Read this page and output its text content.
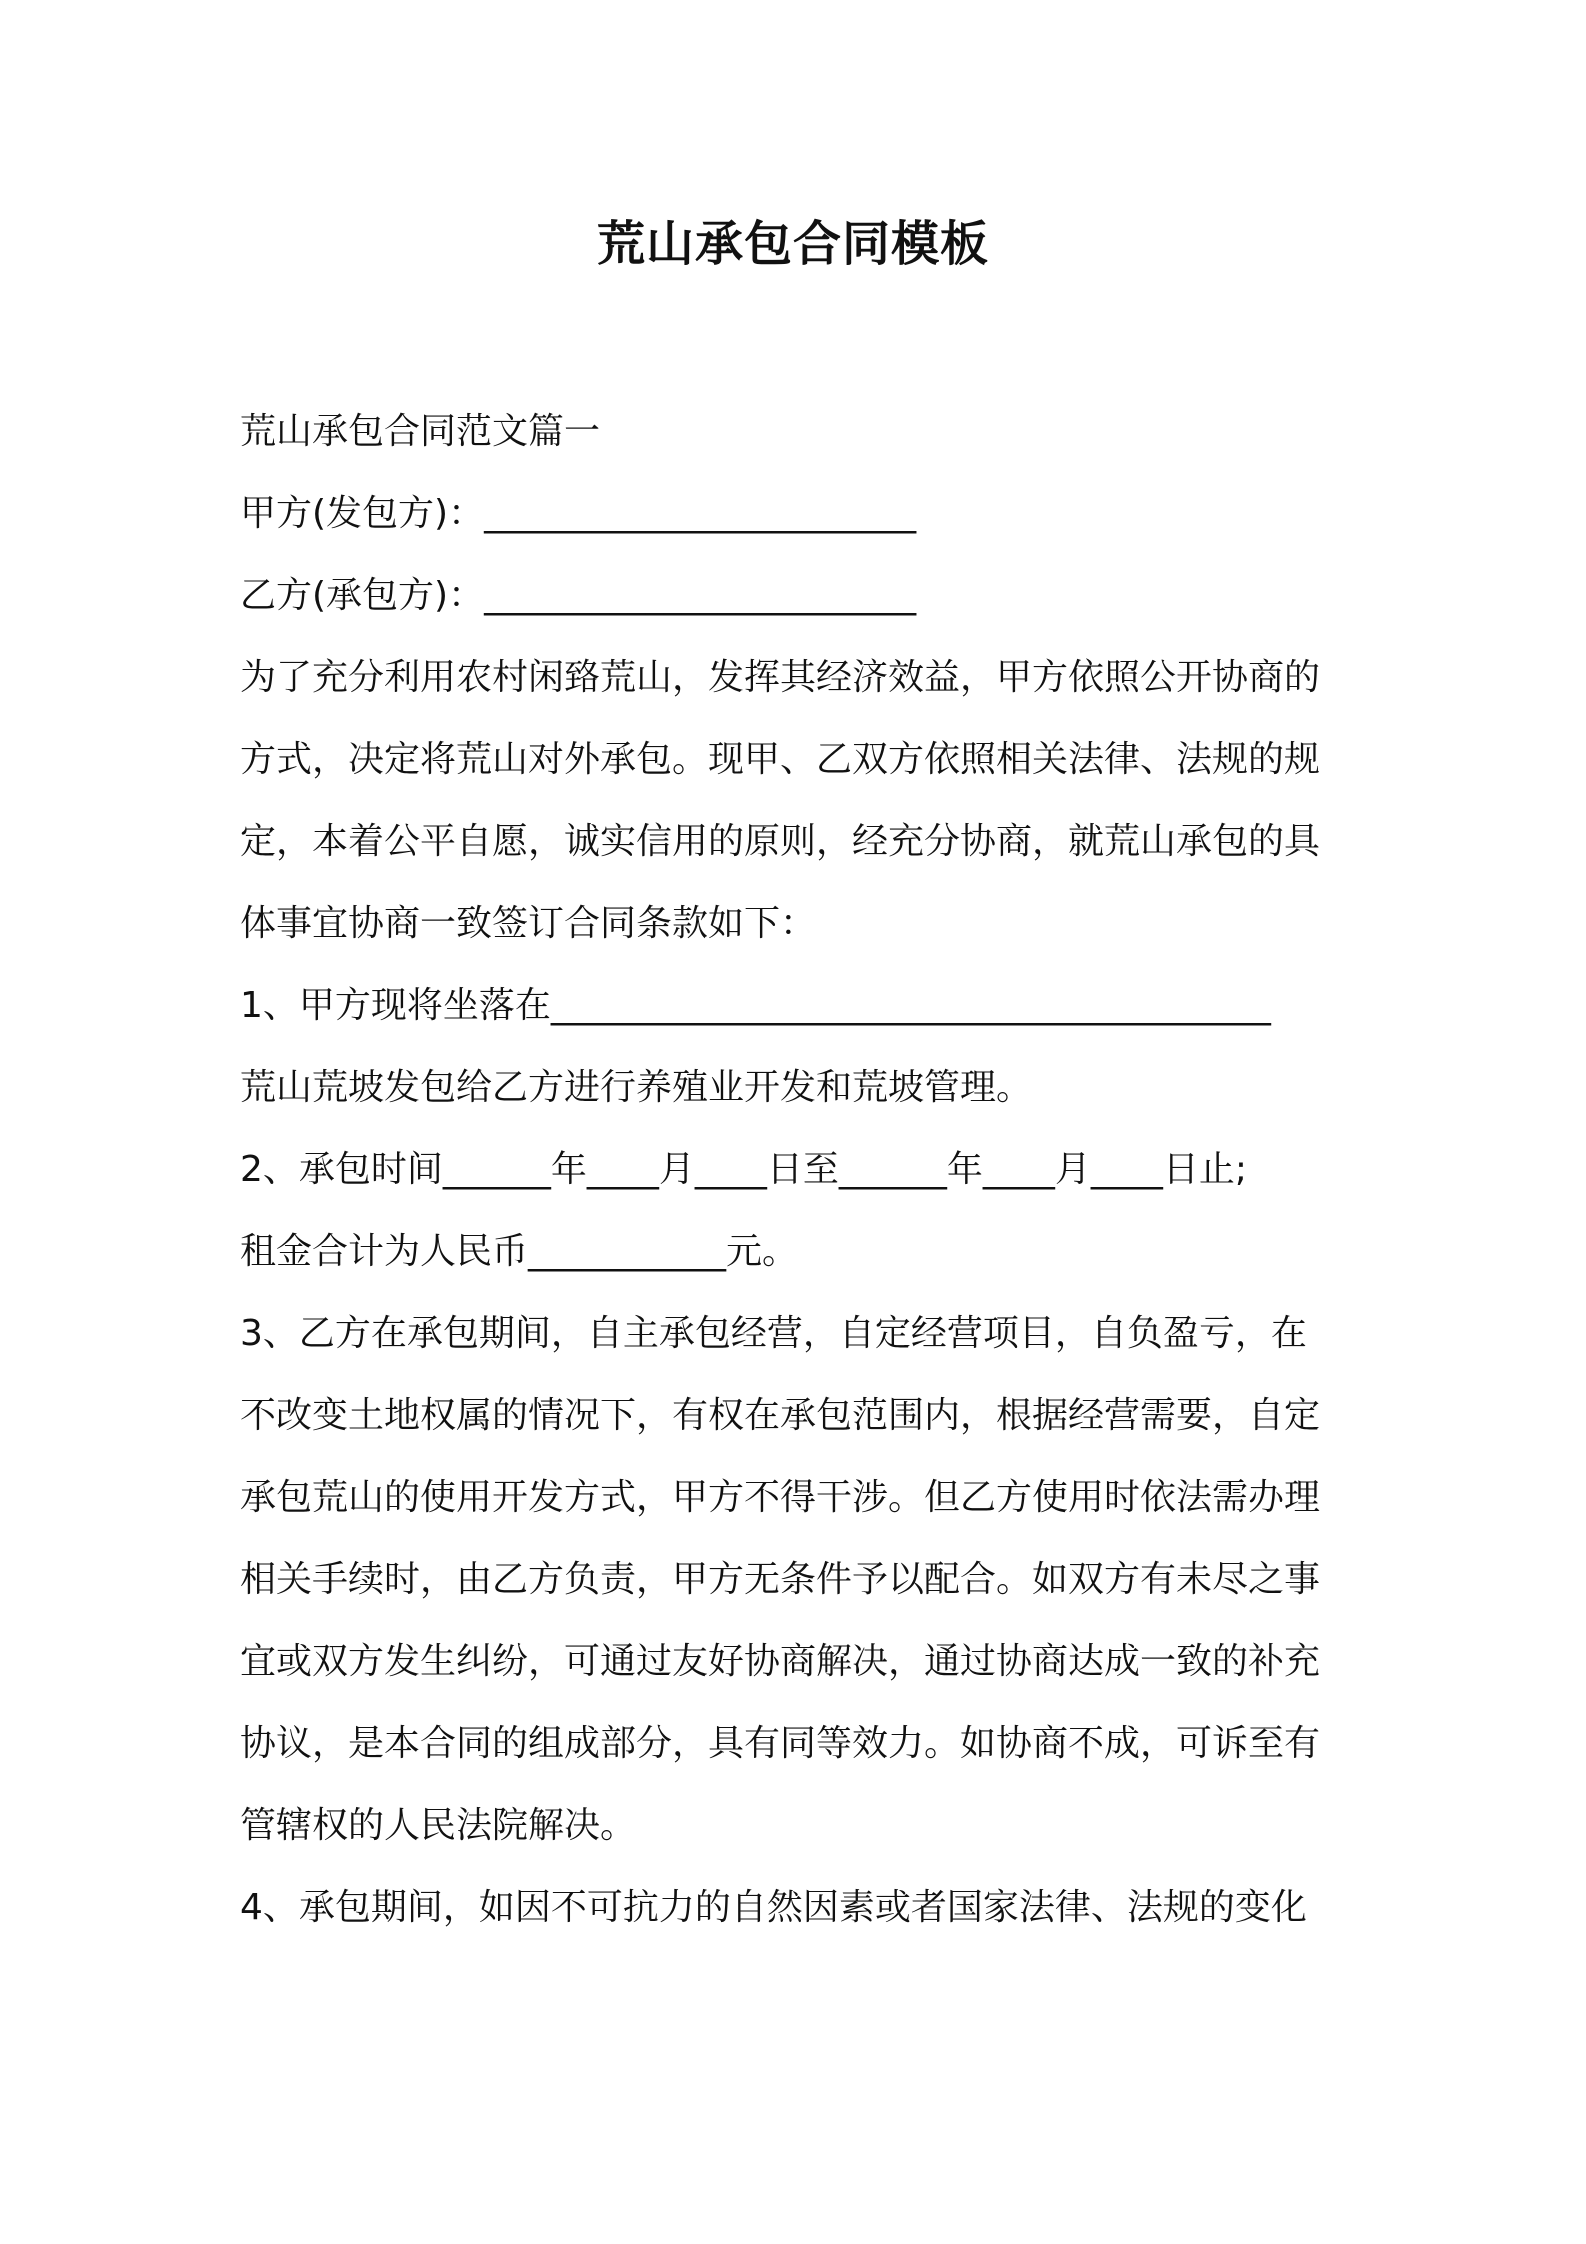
荒山承包合同模板
荒山承包合同范文篇一
甲方(发包方)：________________________
乙方(承包方)：________________________
为了充分利用农村闲臵荒山，发挥其经济效益，甲方依照公开协商的
方式，决定将荒山对外承包。现甲、乙双方依照相关法律、法规的规
定，本着公平自愿，诚实信用的原则，经充分协商，就荒山承包的具
体事宜协商一致签订合同条款如下：
1、甲方现将坐落在________________________________________
荒山荒坡发包给乙方进行养殖业开发和荒坡管理。
2、承包时间______年____月____日至______年____月____日止;
租金合计为人民币___________元。
3、乙方在承包期间，自主承包经营，自定经营项目，自负盈亏，在
不改变土地权属的情况下，有权在承包范围内，根据经营需要，自定
承包荒山的使用开发方式，甲方不得干涉。但乙方使用时依法需办理
相关手续时，由乙方负责，甲方无条件予以配合。如双方有未尽之事
宜或双方发生纠纷，可通过友好协商解决，通过协商达成一致的补充
协议，是本合同的组成部分，具有同等效力。如协商不成，可诉至有
管辖权的人民法院解决。
4、承包期间，如因不可抗力的自然因素或者国家法律、法规的变化
